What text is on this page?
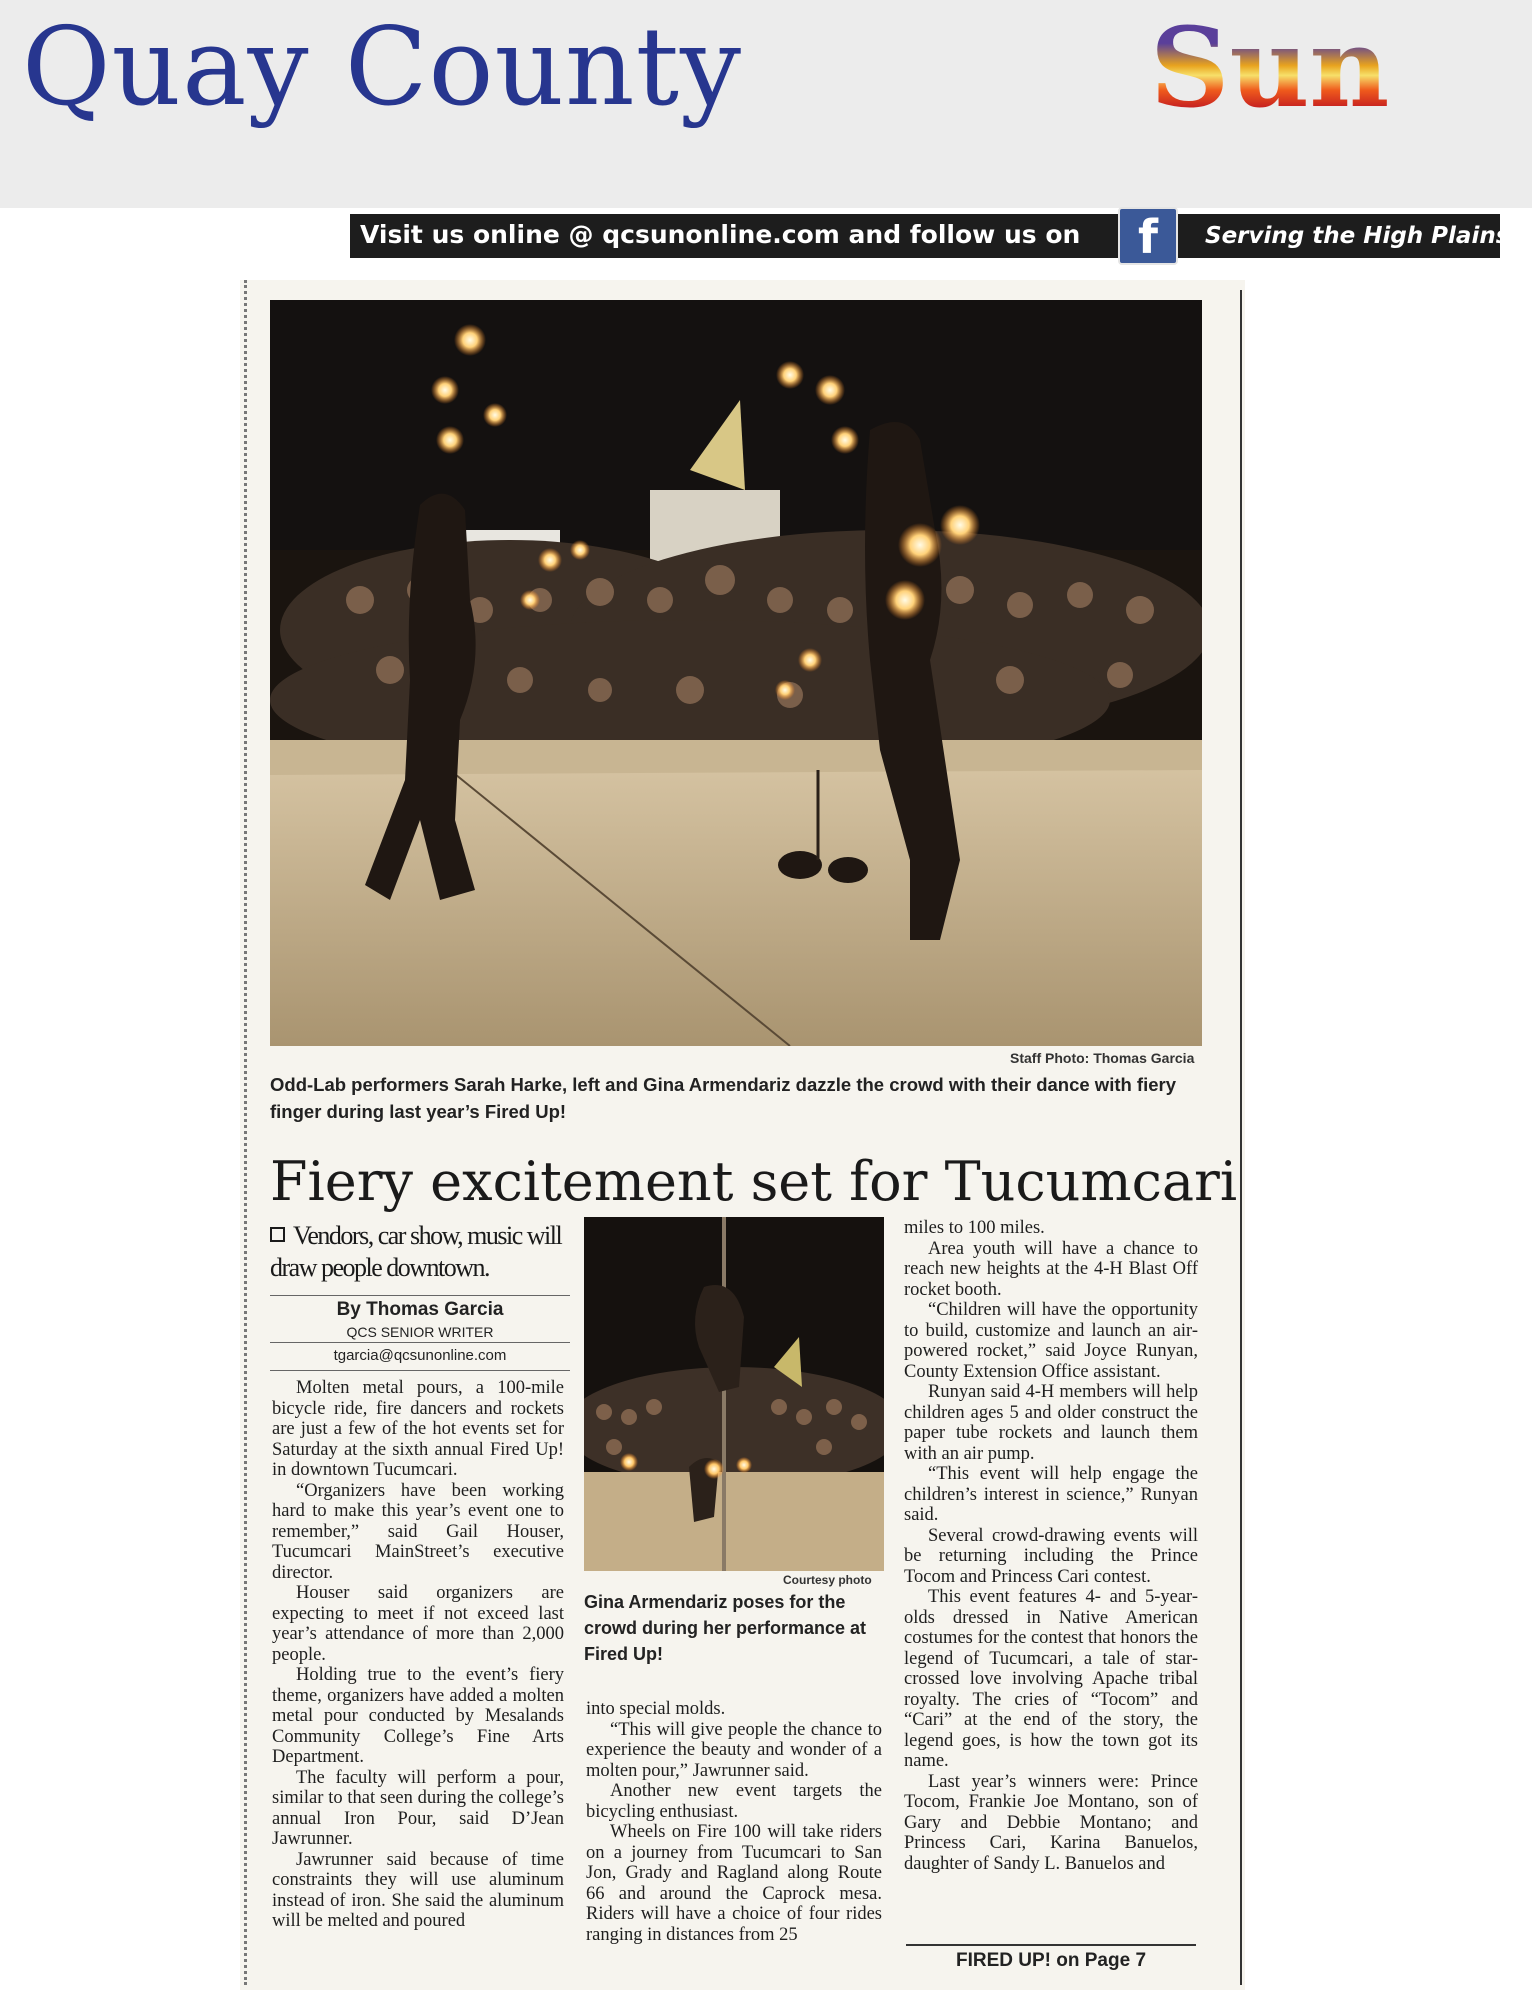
Quay County	Sun
Visit us online @ qcsunonline.com and follow us on	f	Serving the High Plains
Staff Photo: Thomas Garcia
Odd-Lab performers Sarah Harke, left and Gina Armendariz dazzle the crowd with their dance with fiery finger during last year’s Fired Up!
Fiery excitement set for Tucumcari
Vendors, car show, music will draw people downtown.
By Thomas Garcia
QCS SENIOR WRITER
tgarcia@qcsunonline.com
Courtesy photo
Gina Armendariz poses for the crowd during her performance at Fired Up!

Molten metal pours, a 100-mile bicycle ride, fire dancers and rockets are just a few of the hot events set for Saturday at the sixth annual Fired Up! in downtown Tucumcari.

“Organizers have been working hard to make this year’s event one to remember,” said Gail Houser, Tucumcari MainStreet’s executive director.

Houser said organizers are expecting to meet if not exceed last year’s attendance of more than 2,000 people.

Holding true to the event’s fiery theme, organizers have added a molten metal pour conducted by Mesalands Community College’s Fine Arts Department.

The faculty will perform a pour, similar to that seen during the college’s annual Iron Pour, said D’Jean Jawrunner.

Jawrunner said because of time constraints they will use aluminum instead of iron. She said the aluminum will be melted and poured

into special molds.

“This will give people the chance to experience the beauty and wonder of a molten pour,” Jawrunner said.

Another new event targets the bicycling enthusiast.

Wheels on Fire 100 will take riders on a journey from Tucumcari to San Jon, Grady and Ragland along Route 66 and around the Caprock mesa. Riders will have a choice of four rides ranging in distances from 25

miles to 100 miles.

Area youth will have a chance to reach new heights at the 4-H Blast Off rocket booth.

“Children will have the opportunity to build, customize and launch an air-powered rocket,” said Joyce Runyan, County Extension Office assistant.

Runyan said 4-H members will help children ages 5 and older construct the paper tube rockets and launch them with an air pump.

“This event will help engage the children’s interest in science,” Runyan said.

Several crowd-drawing events will be returning including the Prince Tocom and Princess Cari contest.

This event features 4- and 5-year-olds dressed in Native American costumes for the contest that honors the legend of Tucumcari, a tale of star-crossed love involving Apache tribal royalty. The cries of “Tocom” and “Cari” at the end of the story, the legend goes, is how the town got its name.

Last year’s winners were: Prince Tocom, Frankie Joe Montano, son of Gary and Debbie Montano; and Princess Cari, Karina Banuelos, daughter of Sandy L. Banuelos and

FIRED UP! on Page 7
